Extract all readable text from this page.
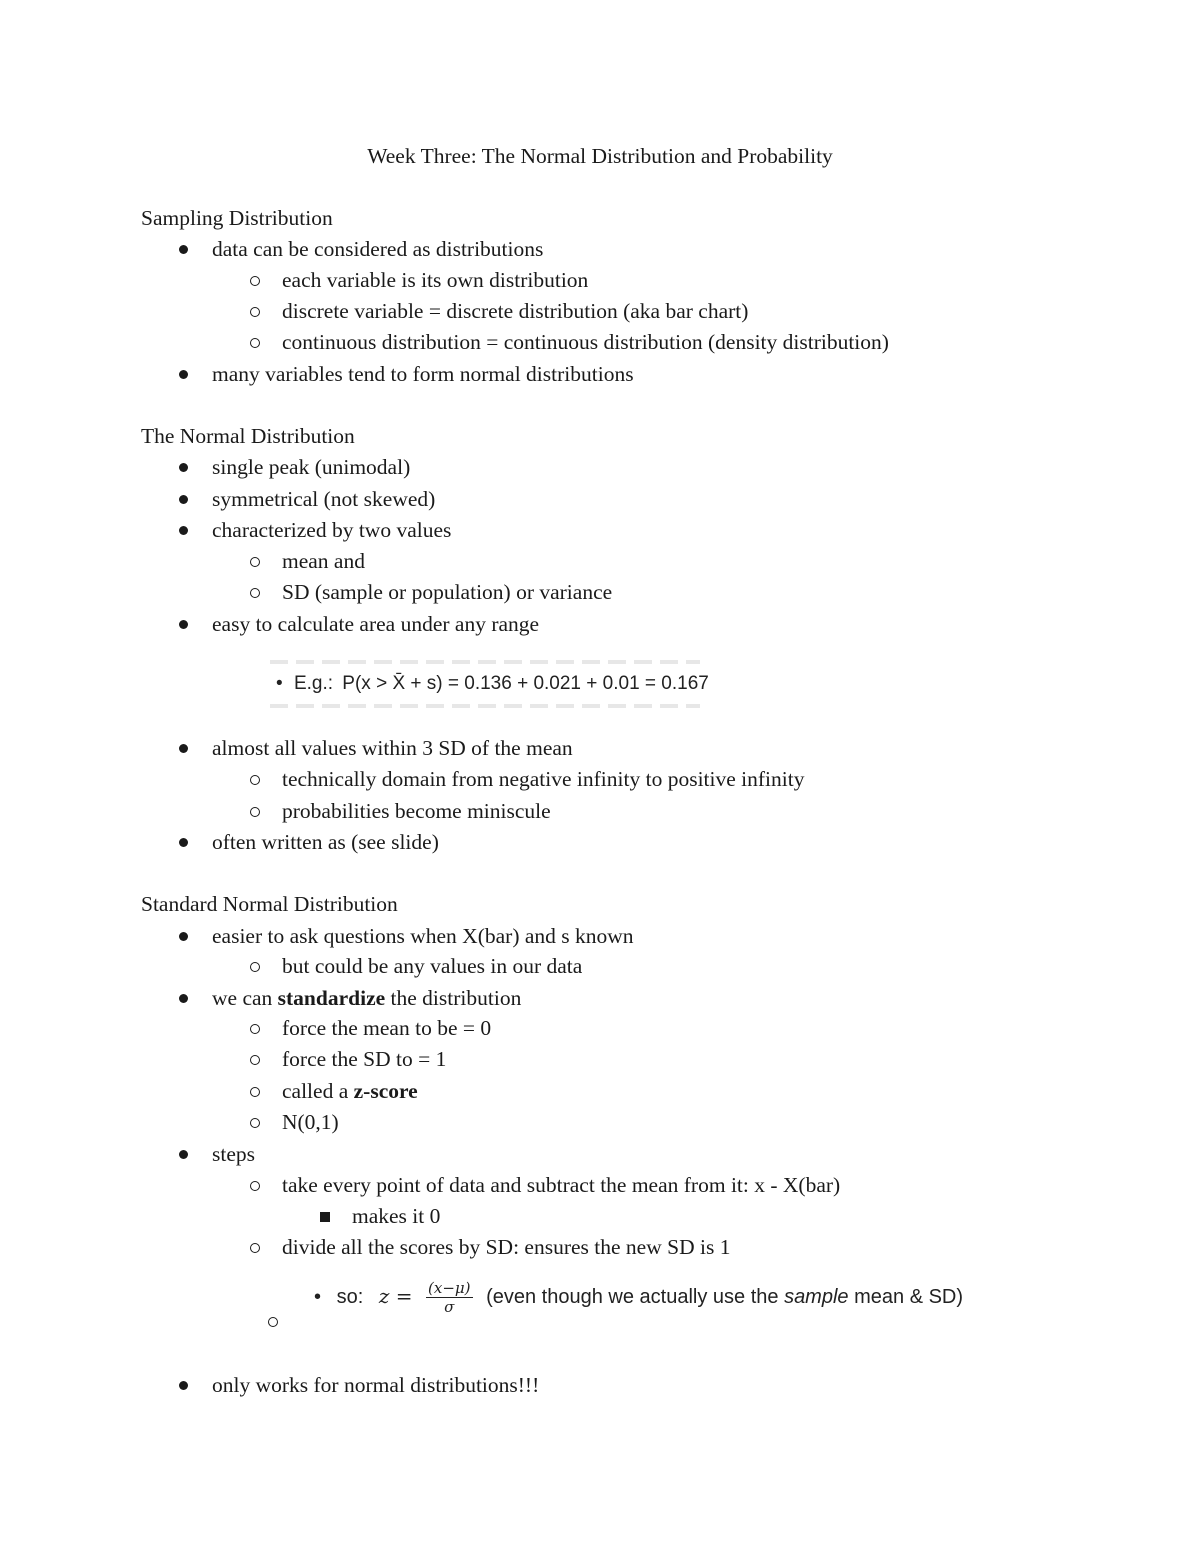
Week Three: The Normal Distribution and Probability
Sampling Distribution
data can be considered as distributions
each variable is its own distribution
discrete variable = discrete distribution (aka bar chart)
continuous distribution = continuous distribution (density distribution)
many variables tend to form normal distributions
The Normal Distribution
single peak (unimodal)
symmetrical (not skewed)
characterized by two values
mean and
SD (sample or population) or variance
easy to calculate area under any range
• E.g.: P(x > X̄ + s) = 0.136 + 0.021 + 0.01 = 0.167
almost all values within 3 SD of the mean
technically domain from negative infinity to positive infinity
probabilities become miniscule
often written as (see slide)
Standard Normal Distribution
easier to ask questions when X(bar) and s known
but could be any values in our data
we can standardize the distribution
force the mean to be = 0
force the SD to = 1
called a z-score
N(0,1)
steps
take every point of data and subtract the mean from it: x - X(bar)
makes it 0
divide all the scores by SD: ensures the new SD is 1
• so: $z = \frac{(x-\mu)}{\sigma}$ (even though we actually use the sample mean & SD)
only works for normal distributions!!!
